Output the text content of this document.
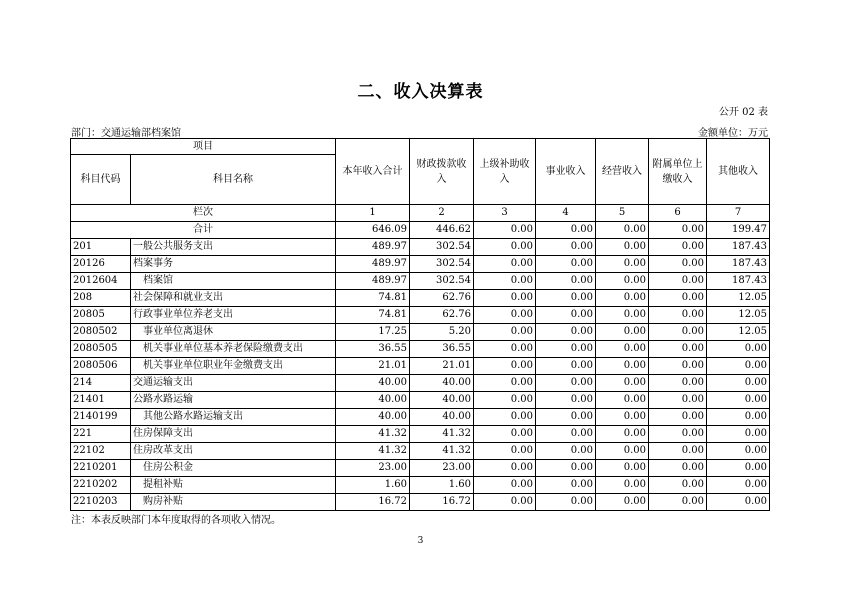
二、收入决算表
公开 02 表
部门：交通运输部档案馆	金额单位：万元
项目		本年收入合计	财政拨款收入	上级补助收入	事业收入	经营收入	附属单位上缴收入	其他收入
科目代码	科目名称							
栏次		1	2	3	4	5	6	7
合计		646.09	446.62	0.00	0.00	0.00	0.00	199.47
201	一般公共服务支出	489.97	302.54	0.00	0.00	0.00	0.00	187.43
20126	档案事务	489.97	302.54	0.00	0.00	0.00	0.00	187.43
2012604	档案馆	489.97	302.54	0.00	0.00	0.00	0.00	187.43
208	社会保障和就业支出	74.81	62.76	0.00	0.00	0.00	0.00	12.05
20805	行政事业单位养老支出	74.81	62.76	0.00	0.00	0.00	0.00	12.05
2080502	事业单位离退休	17.25	5.20	0.00	0.00	0.00	0.00	12.05
2080505	机关事业单位基本养老保险缴费支出	36.55	36.55	0.00	0.00	0.00	0.00	0.00
2080506	机关事业单位职业年金缴费支出	21.01	21.01	0.00	0.00	0.00	0.00	0.00
214	交通运输支出	40.00	40.00	0.00	0.00	0.00	0.00	0.00
21401	公路水路运输	40.00	40.00	0.00	0.00	0.00	0.00	0.00
2140199	其他公路水路运输支出	40.00	40.00	0.00	0.00	0.00	0.00	0.00
221	住房保障支出	41.32	41.32	0.00	0.00	0.00	0.00	0.00
22102	住房改革支出	41.32	41.32	0.00	0.00	0.00	0.00	0.00
2210201	住房公积金	23.00	23.00	0.00	0.00	0.00	0.00	0.00
2210202	提租补贴	1.60	1.60	0.00	0.00	0.00	0.00	0.00
2210203	购房补贴	16.72	16.72	0.00	0.00	0.00	0.00	0.00
注：本表反映部门本年度取得的各项收入情况。
3
